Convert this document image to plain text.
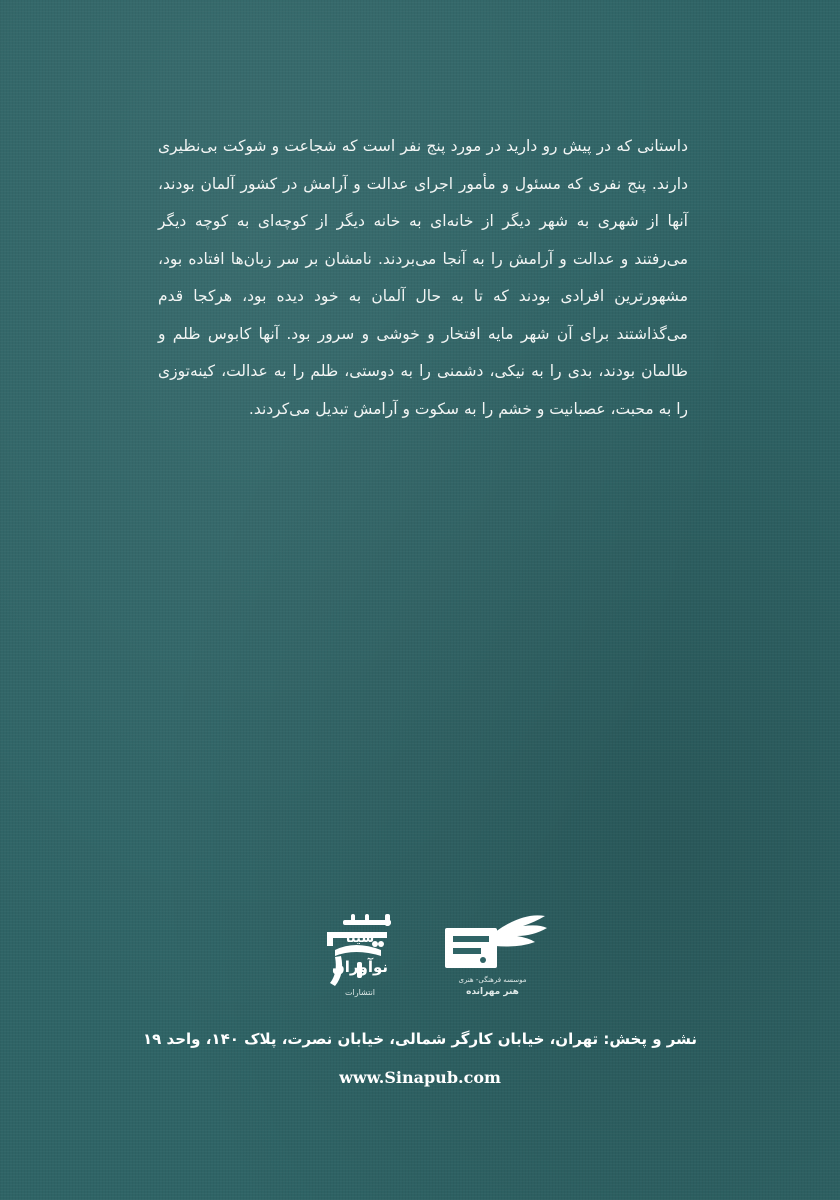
داستانی که در پیش رو دارید در مورد پنج نفر است که شجاعت و شوکت بی‌نظیری دارند. پنج نفری که مسئول و مأمور اجرای عدالت و آرامش در کشور آلمان بودند، آنها از شهری به شهر دیگر از خانه‌ای به خانه دیگر از کوچه‌ای به کوچه دیگر می‌رفتند و عدالت و آرامش را به آنجا می‌بردند. نامشان بر سر زبان‌ها افتاده بود، مشهورترین افرادی بودند که تا به حال آلمان به خود دیده بود، هرکجا قدم می‌گذاشتند برای آن شهر مایه افتخار و خوشی و سرور بود. آنها کابوس ظلم و ظالمان بودند، بدی را به نیکی، دشمنی را به دوستی، ظلم را به عدالت، کینه‌توزی را به محبت، عصبانیت و خشم را به سکوت و آرامش تبدیل می‌کردند.

سینا
نوآوران
انتشارات
موسسه فرهنگی- هنری
هنر مهرانده
نشر و پخش: تهران، خیابان کارگر شمالی، خیابان نصرت، پلاک ۱۴۰، واحد ۱۹
www.Sinapub.com
